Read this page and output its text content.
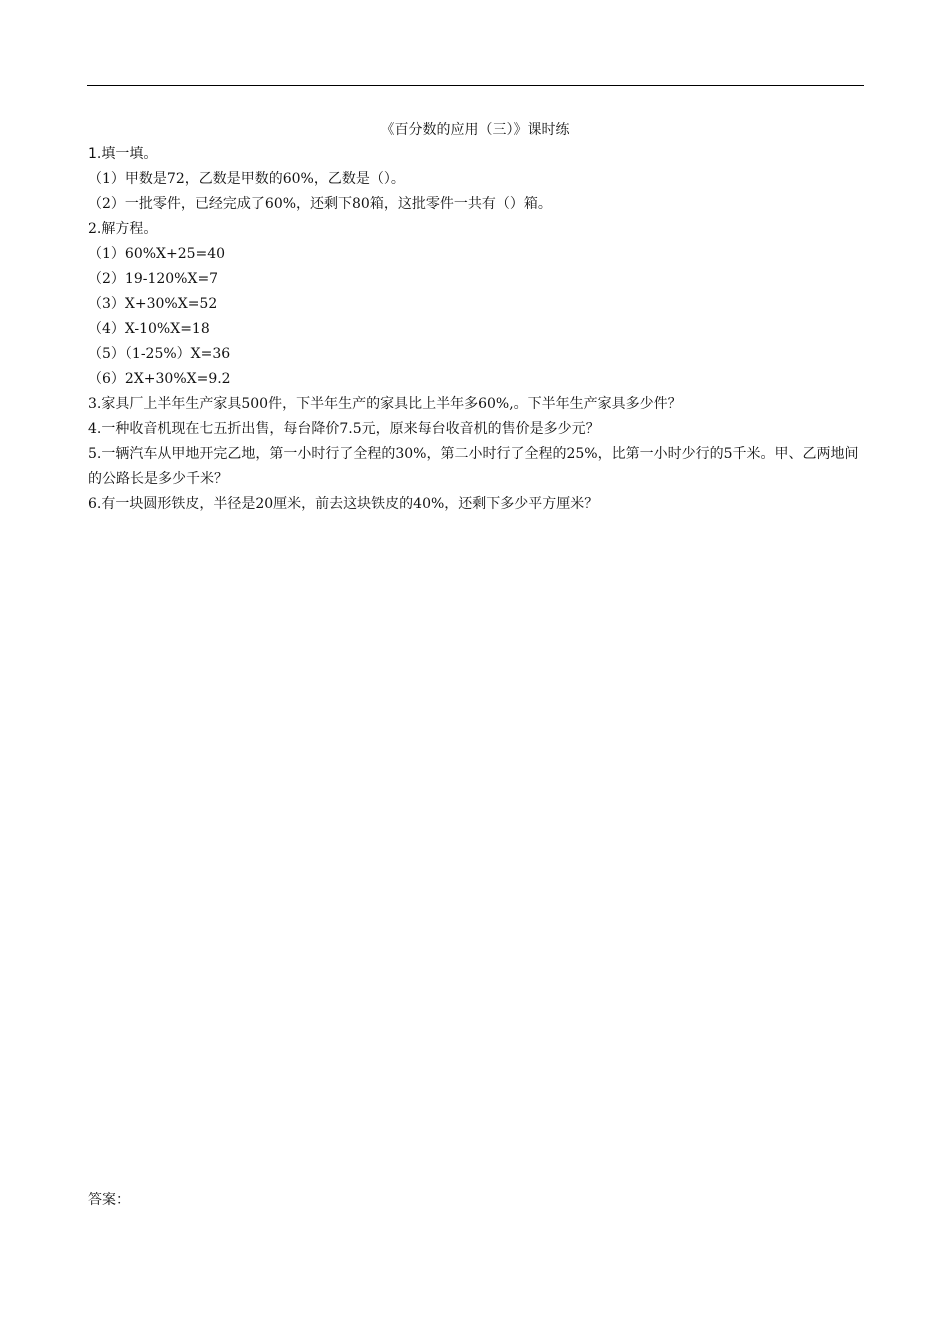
《百分数的应用（三）》课时练
1.填一填。
（1）甲数是72，乙数是甲数的60%，乙数是（）。
（2）一批零件，已经完成了60%，还剩下80箱，这批零件一共有（）箱。
2.解方程。
（1）60%X+25=40
（2）19-120%X=7
（3）X+30%X=52
（4）X-10%X=18
（5）（1-25%）X=36
（6）2X+30%X=9.2
3.家具厂上半年生产家具500件，下半年生产的家具比上半年多60%,。下半年生产家具多少件？
4.一种收音机现在七五折出售，每台降价7.5元，原来每台收音机的售价是多少元？
5.一辆汽车从甲地开完乙地，第一小时行了全程的30%，第二小时行了全程的25%，比第一小时少行的5千米。甲、乙两地间的公路长是多少千米？
6.有一块圆形铁皮，半径是20厘米，前去这块铁皮的40%，还剩下多少平方厘米？
答案：
